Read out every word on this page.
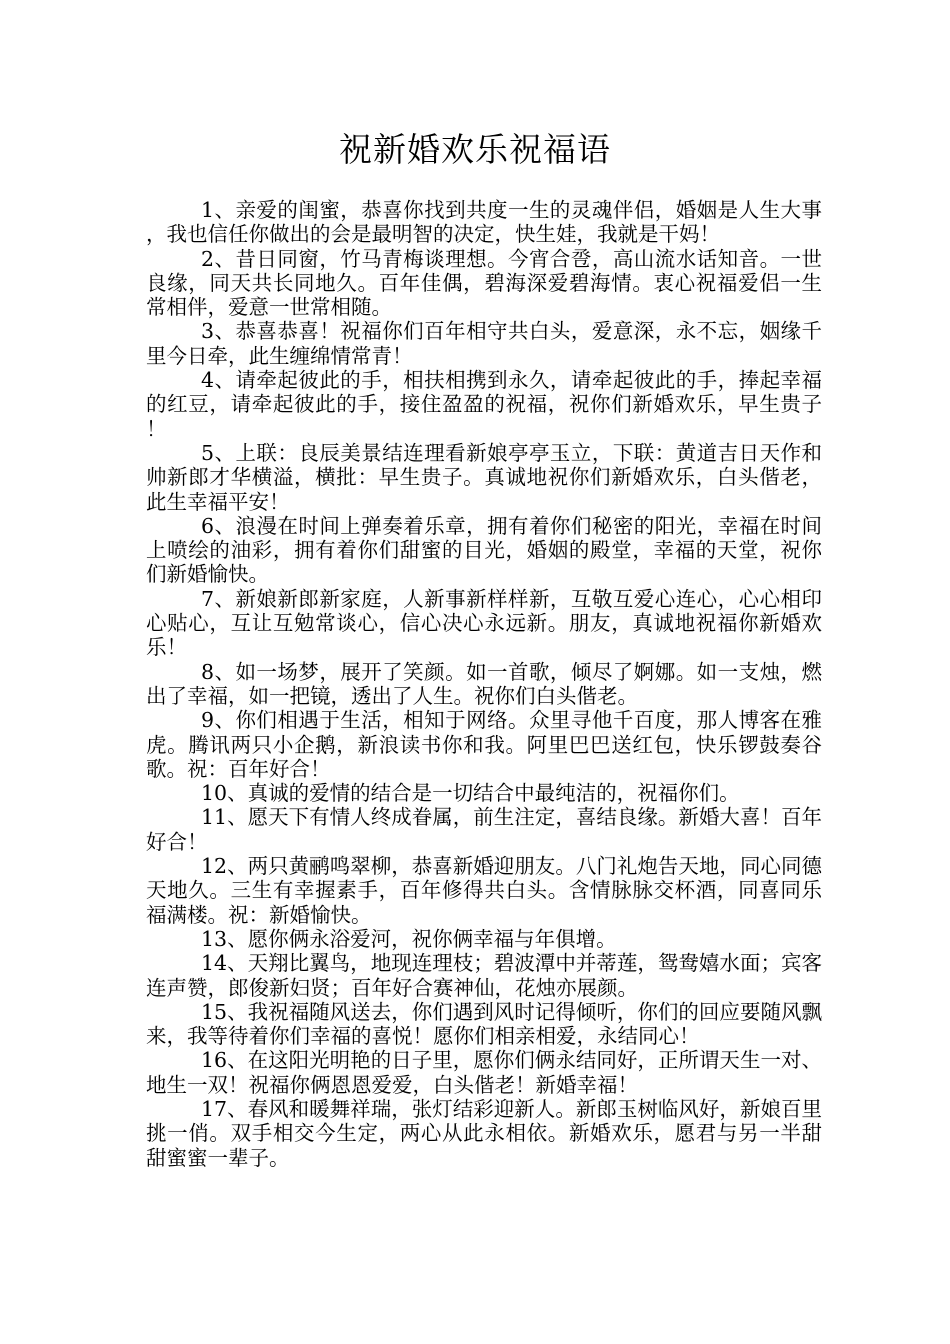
祝新婚欢乐祝福语

1、亲爱的闺蜜，恭喜你找到共度一生的灵魂伴侣，婚姻是人生大事，我也信任你做出的会是最明智的决定，快生娃，我就是干妈！

2、昔日同窗，竹马青梅谈理想。今宵合卺，高山流水话知音。一世良缘，同天共长同地久。百年佳偶，碧海深爱碧海情。衷心祝福爱侣一生常相伴，爱意一世常相随。

3、恭喜恭喜！祝福你们百年相守共白头，爱意深，永不忘，姻缘千里今日牵，此生缠绵情常青！

4、请牵起彼此的手，相扶相携到永久，请牵起彼此的手，捧起幸福的红豆，请牵起彼此的手，接住盈盈的祝福，祝你们新婚欢乐，早生贵子！

5、上联：良辰美景结连理看新娘亭亭玉立，下联：黄道吉日天作和帅新郎才华横溢，横批：早生贵子。真诚地祝你们新婚欢乐，白头偕老，此生幸福平安！

6、浪漫在时间上弹奏着乐章，拥有着你们秘密的阳光，幸福在时间上喷绘的油彩，拥有着你们甜蜜的目光，婚姻的殿堂，幸福的天堂，祝你们新婚愉快。

7、新娘新郎新家庭，人新事新样样新，互敬互爱心连心，心心相印心贴心，互让互勉常谈心，信心决心永远新。朋友，真诚地祝福你新婚欢乐！

8、如一场梦，展开了笑颜。如一首歌，倾尽了婀娜。如一支烛，燃出了幸福，如一把镜，透出了人生。祝你们白头偕老。

9、你们相遇于生活，相知于网络。众里寻他千百度，那人博客在雅虎。腾讯两只小企鹅，新浪读书你和我。阿里巴巴送红包，快乐锣鼓奏谷歌。祝：百年好合！

10、真诚的爱情的结合是一切结合中最纯洁的，祝福你们。

11、愿天下有情人终成眷属，前生注定，喜结良缘。新婚大喜！百年好合！

12、两只黄鹂鸣翠柳，恭喜新婚迎朋友。八门礼炮告天地，同心同德天地久。三生有幸握素手，百年修得共白头。含情脉脉交杯酒，同喜同乐福满楼。祝：新婚愉快。

13、愿你俩永浴爱河，祝你俩幸福与年俱增。

14、天翔比翼鸟，地现连理枝；碧波潭中并蒂莲，鸳鸯嬉水面；宾客连声赞，郎俊新妇贤；百年好合赛神仙，花烛亦展颜。

15、我祝福随风送去，你们遇到风时记得倾听，你们的回应要随风飘来，我等待着你们幸福的喜悦！愿你们相亲相爱，永结同心！

16、在这阳光明艳的日子里，愿你们俩永结同好，正所谓天生一对、地生一双！祝福你俩恩恩爱爱，白头偕老！新婚幸福！

17、春风和暖舞祥瑞，张灯结彩迎新人。新郎玉树临风好，新娘百里挑一俏。双手相交今生定，两心从此永相依。新婚欢乐，愿君与另一半甜甜蜜蜜一辈子。
